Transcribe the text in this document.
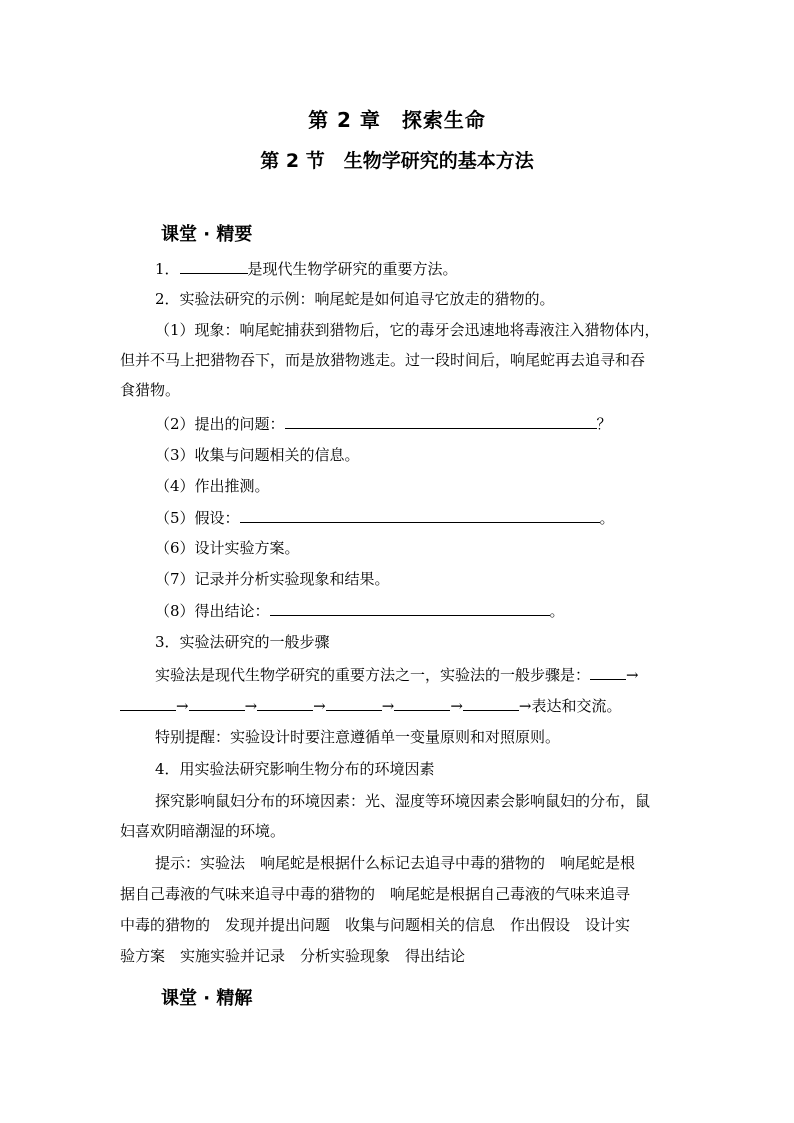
第 2 章　探索生命
第 2 节　生物学研究的基本方法
课堂 · 精要
1．	是现代生物学研究的重要方法。
2．实验法研究的示例：响尾蛇是如何追寻它放走的猎物的。
（1）现象：响尾蛇捕获到猎物后，它的毒牙会迅速地将毒液注入猎物体内，
但并不马上把猎物吞下，而是放猎物逃走。过一段时间后，响尾蛇再去追寻和吞
食猎物。
（2）提出的问题：	？
（3）收集与问题相关的信息。
（4）作出推测。
（5）假设：	。
（6）设计实验方案。
（7）记录并分析实验现象和结果。
（8）得出结论：	。
3．实验法研究的一般步骤
实验法是现代生物学研究的重要方法之一，实验法的一般步骤是： →
→	→	→	→	→	→表达和交流。
特别提醒：实验设计时要注意遵循单一变量原则和对照原则。
4．用实验法研究影响生物分布的环境因素
探究影响鼠妇分布的环境因素：光、湿度等环境因素会影响鼠妇的分布，鼠
妇喜欢阴暗潮湿的环境。
提示：实验法　响尾蛇是根据什么标记去追寻中毒的猎物的　响尾蛇是根
据自己毒液的气味来追寻中毒的猎物的　响尾蛇是根据自己毒液的气味来追寻
中毒的猎物的　发现并提出问题　收集与问题相关的信息　作出假设　设计实
验方案　实施实验并记录　分析实验现象　得出结论
课堂 · 精解
